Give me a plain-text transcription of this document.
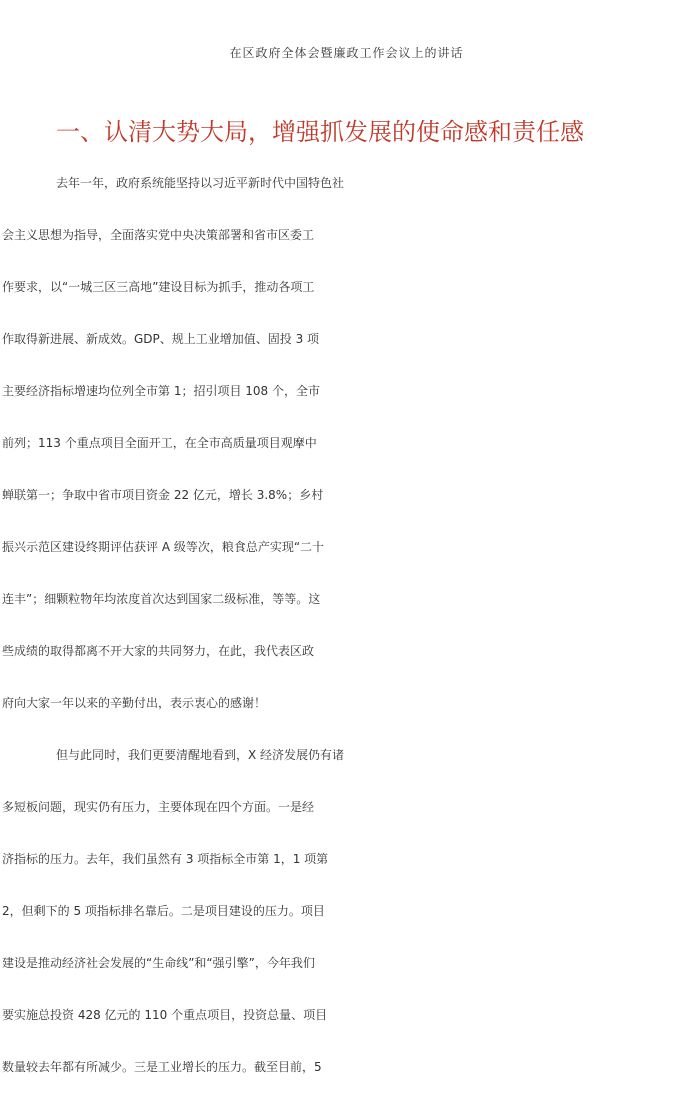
在区政府全体会暨廉政工作会议上的讲话
一、认清大势大局，增强抓发展的使命感和责任感
去年一年，政府系统能坚持以习近平新时代中国特色社
会主义思想为指导，全面落实党中央决策部署和省市区委工
作要求，以“一城三区三高地”建设目标为抓手，推动各项工
作取得新进展、新成效。GDP、规上工业增加值、固投 3 项
主要经济指标增速均位列全市第 1；招引项目 108 个，全市
前列；113 个重点项目全面开工，在全市高质量项目观摩中
蝉联第一；争取中省市项目资金 22 亿元，增长 3.8%；乡村
振兴示范区建设终期评估获评 A 级等次，粮食总产实现“二十
连丰”；细颗粒物年均浓度首次达到国家二级标准，等等。这
些成绩的取得都离不开大家的共同努力，在此，我代表区政
府向大家一年以来的辛勤付出，表示衷心的感谢！
但与此同时，我们更要清醒地看到，X 经济发展仍有诸
多短板问题，现实仍有压力，主要体现在四个方面。一是经
济指标的压力。去年，我们虽然有 3 项指标全市第 1，1 项第
2，但剩下的 5 项指标排名靠后。二是项目建设的压力。项目
建设是推动经济社会发展的“生命线”和“强引擎”，今年我们
要实施总投资 428 亿元的 110 个重点项目，投资总量、项目
数量较去年都有所减少。三是工业增长的压力。截至目前，5
